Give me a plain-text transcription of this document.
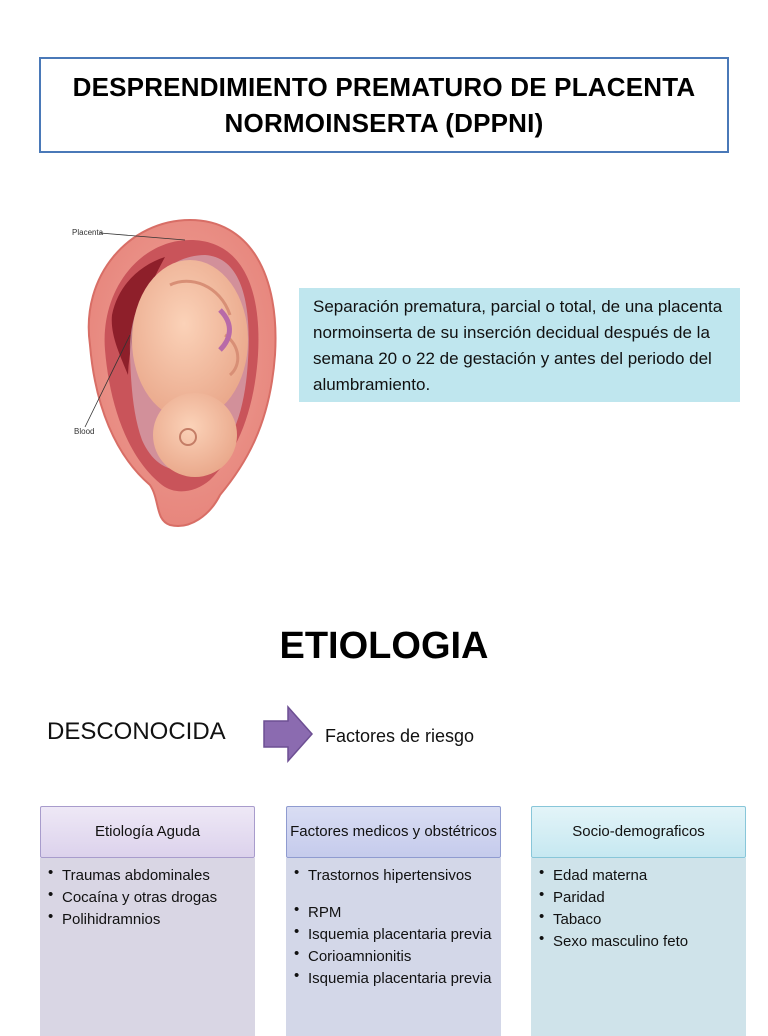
DESPRENDIMIENTO PREMATURO DE PLACENTA NORMOINSERTA (DPPNI)
Placenta
Blood
Separación prematura, parcial o total, de una placenta normoinserta de su inserción decidual después de la semana 20 o 22 de gestación y antes del periodo del alumbramiento.
ETIOLOGIA
DESCONOCIDA	Factores de riesgo
Etiología Aguda
• Traumas abdominales
• Cocaína y otras drogas
• Polihidramnios
Factores medicos y obstétricos
• Trastornos hipertensivos
• RPM
• Isquemia placentaria previa
• Corioamnionitis
• Isquemia placentaria previa
Socio-demograficos
• Edad materna
• Paridad
• Tabaco
• Sexo masculino feto
